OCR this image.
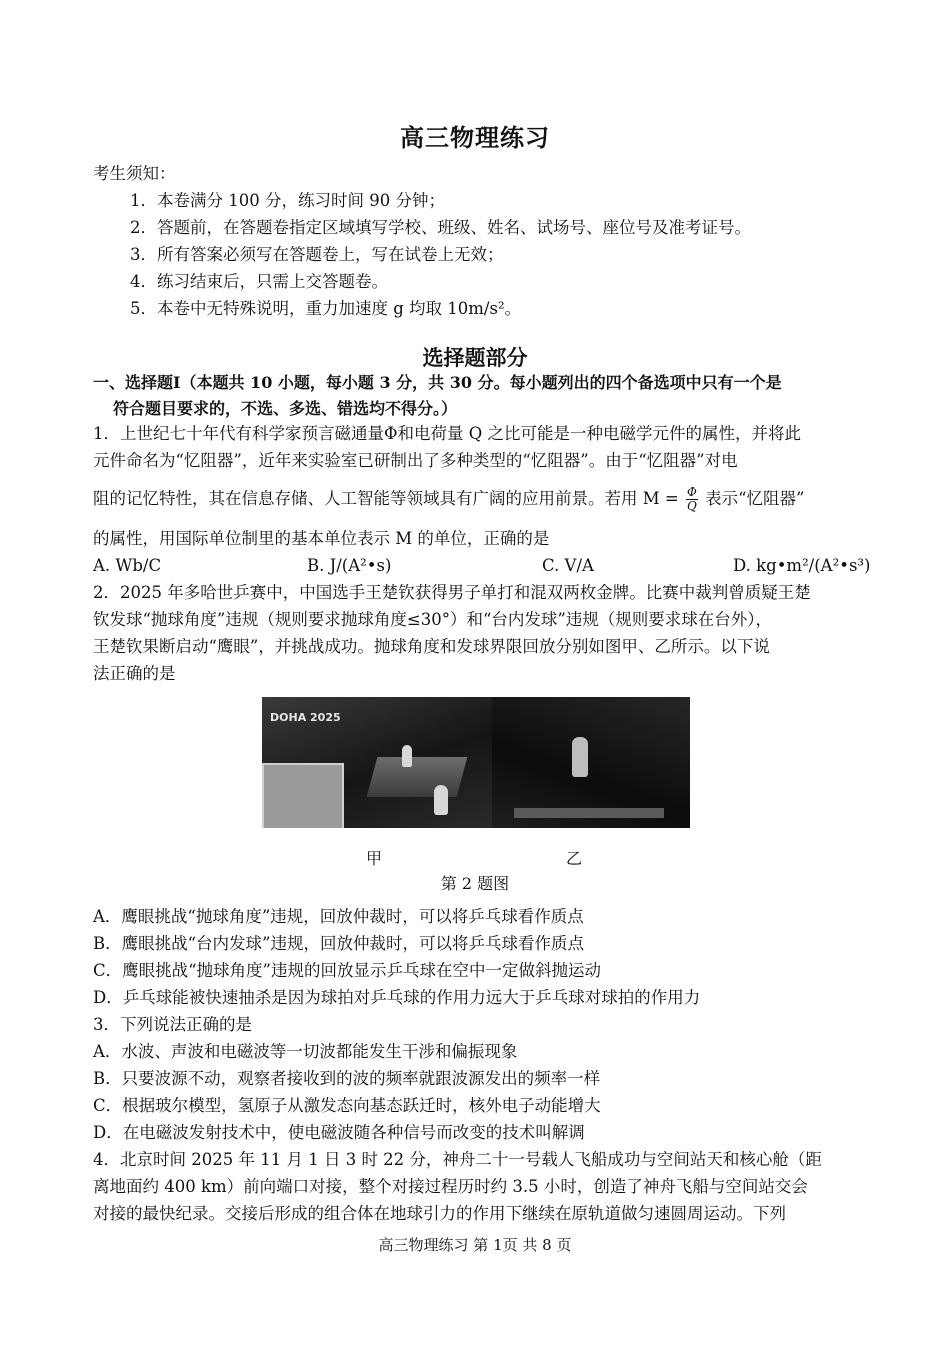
高三物理练习
考生须知：
1．本卷满分 100 分，练习时间 90 分钟；
2．答题前，在答题卷指定区域填写学校、班级、姓名、试场号、座位号及准考证号。
3．所有答案必须写在答题卷上，写在试卷上无效；
4．练习结束后，只需上交答题卷。
5．本卷中无特殊说明，重力加速度 g 均取 10m/s²。
选择题部分
一、选择题Ⅰ（本题共 10 小题，每小题 3 分，共 30 分。每小题列出的四个备选项中只有一个是
符合题目要求的，不选、多选、错选均不得分。）
1．上世纪七十年代有科学家预言磁通量Φ和电荷量 Q 之比可能是一种电磁学元件的属性，并将此
元件命名为“忆阻器”，近年来实验室已研制出了多种类型的“忆阻器”。由于“忆阻器”对电
阻的记忆特性，其在信息存储、人工智能等领域具有广阔的应用前景。若用 $M = \frac{\Phi}{Q}$ 表示“忆阻器”
的属性，用国际单位制里的基本单位表示 M 的单位，正确的是
A. Wb/C	B. J/(A²•s)	C. V/A	D. kg•m²/(A²•s³)
2．2025 年多哈世乒赛中，中国选手王楚钦获得男子单打和混双两枚金牌。比赛中裁判曾质疑王楚
钦发球“抛球角度”违规（规则要求抛球角度≤30°）和“台内发球”违规（规则要求球在台外），
王楚钦果断启动“鹰眼”，并挑战成功。抛球角度和发球界限回放分别如图甲、乙所示。以下说
法正确的是
DOHA 2025
甲	乙
第 2 题图
A．鹰眼挑战“抛球角度”违规，回放仲裁时，可以将乒乓球看作质点
B．鹰眼挑战“台内发球”违规，回放仲裁时，可以将乒乓球看作质点
C．鹰眼挑战“抛球角度”违规的回放显示乒乓球在空中一定做斜抛运动
D．乒乓球能被快速抽杀是因为球拍对乒乓球的作用力远大于乒乓球对球拍的作用力
3．下列说法正确的是
A．水波、声波和电磁波等一切波都能发生干涉和偏振现象
B．只要波源不动，观察者接收到的波的频率就跟波源发出的频率一样
C．根据玻尔模型，氢原子从激发态向基态跃迁时，核外电子动能增大
D．在电磁波发射技术中，使电磁波随各种信号而改变的技术叫解调
4．北京时间 2025 年 11 月 1 日 3 时 22 分，神舟二十一号载人飞船成功与空间站天和核心舱（距
离地面约 400 km）前向端口对接，整个对接过程历时约 3.5 小时，创造了神舟飞船与空间站交会
对接的最快纪录。交接后形成的组合体在地球引力的作用下继续在原轨道做匀速圆周运动。下列
高三物理练习 第 1页 共 8 页
